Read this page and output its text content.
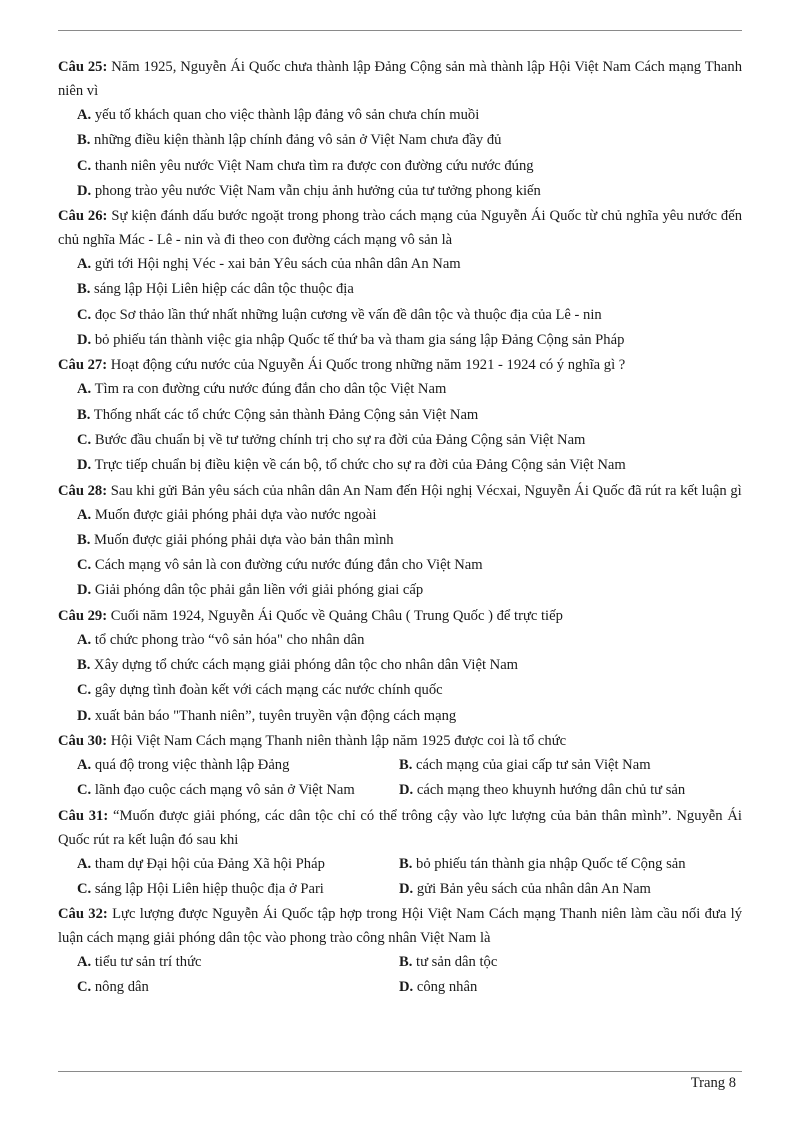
Câu 25: Năm 1925, Nguyễn Ái Quốc chưa thành lập Đảng Cộng sản mà thành lập Hội Việt Nam Cách mạng Thanh niên vì
A. yếu tố khách quan cho việc thành lập đảng vô sản chưa chín muồi
B. những điều kiện thành lập chính đảng vô sản ở Việt Nam chưa đầy đủ
C. thanh niên yêu nước Việt Nam chưa tìm ra được con đường cứu nước đúng
D. phong trào yêu nước Việt Nam vẫn chịu ảnh hưởng của tư tưởng phong kiến
Câu 26: Sự kiện đánh dấu bước ngoặt trong phong trào cách mạng của Nguyễn Ái Quốc từ chủ nghĩa yêu nước đến chủ nghĩa Mác - Lê - nin và đi theo con đường cách mạng vô sản là
A. gửi tới Hội nghị Véc - xai bản Yêu sách của nhân dân An Nam
B. sáng lập Hội Liên hiệp các dân tộc thuộc địa
C. đọc Sơ thảo lần thứ nhất những luận cương về vấn đề dân tộc và thuộc địa của Lê - nin
D. bỏ phiếu tán thành việc gia nhập Quốc tế thứ ba và tham gia sáng lập Đảng Cộng sản Pháp
Câu 27: Hoạt động cứu nước của Nguyễn Ái Quốc trong những năm 1921 - 1924 có ý nghĩa gì ?
A. Tìm ra con đường cứu nước đúng đắn cho dân tộc Việt Nam
B. Thống nhất các tổ chức Cộng sản thành Đảng Cộng sản Việt Nam
C. Bước đầu chuẩn bị về tư tưởng chính trị cho sự ra đời của Đảng Cộng sản Việt Nam
D. Trực tiếp chuẩn bị điều kiện về cán bộ, tổ chức cho sự ra đời của Đảng Cộng sản Việt Nam
Câu 28: Sau khi gửi Bản yêu sách của nhân dân An Nam đến Hội nghị Vécxai, Nguyễn Ái Quốc đã rút ra kết luận gì
A. Muốn được giải phóng phải dựa vào nước ngoài
B. Muốn được giải phóng phải dựa vào bản thân mình
C. Cách mạng vô sản là con đường cứu nước đúng đắn cho Việt Nam
D. Giải phóng dân tộc phải gắn liền với giải phóng giai cấp
Câu 29: Cuối năm 1924, Nguyễn Ái Quốc về Quảng Châu ( Trung Quốc ) để trực tiếp
A. tổ chức phong trào “vô sản hóa" cho nhân dân
B. Xây dựng tổ chức cách mạng giải phóng dân tộc cho nhân dân Việt Nam
C. gây dựng tình đoàn kết với cách mạng các nước chính quốc
D. xuất bản báo "Thanh niên”, tuyên truyền vận động cách mạng
Câu 30: Hội Việt Nam Cách mạng Thanh niên thành lập năm 1925 được coi là tổ chức
A. quá độ trong việc thành lập Đảng	B. cách mạng của giai cấp tư sản Việt Nam
C. lãnh đạo cuộc cách mạng vô sản ở Việt Nam	D. cách mạng theo khuynh hướng dân chủ tư sản
Câu 31: “Muốn được giải phóng, các dân tộc chỉ có thể trông cậy vào lực lượng của bản thân mình”. Nguyễn Ái Quốc rút ra kết luận đó sau khi
A. tham dự Đại hội của Đảng Xã hội Pháp	B. bỏ phiếu tán thành gia nhập Quốc tế Cộng sản
C. sáng lập Hội Liên hiệp thuộc địa ở Pari	D. gửi Bản yêu sách của nhân dân An Nam
Câu 32: Lực lượng được Nguyễn Ái Quốc tập hợp trong Hội Việt Nam Cách mạng Thanh niên làm cầu nối đưa lý luận cách mạng giải phóng dân tộc vào phong trào công nhân Việt Nam là
A. tiểu tư sản trí thức	B. tư sản dân tộc
C. nông dân	D. công nhân
Trang 8
